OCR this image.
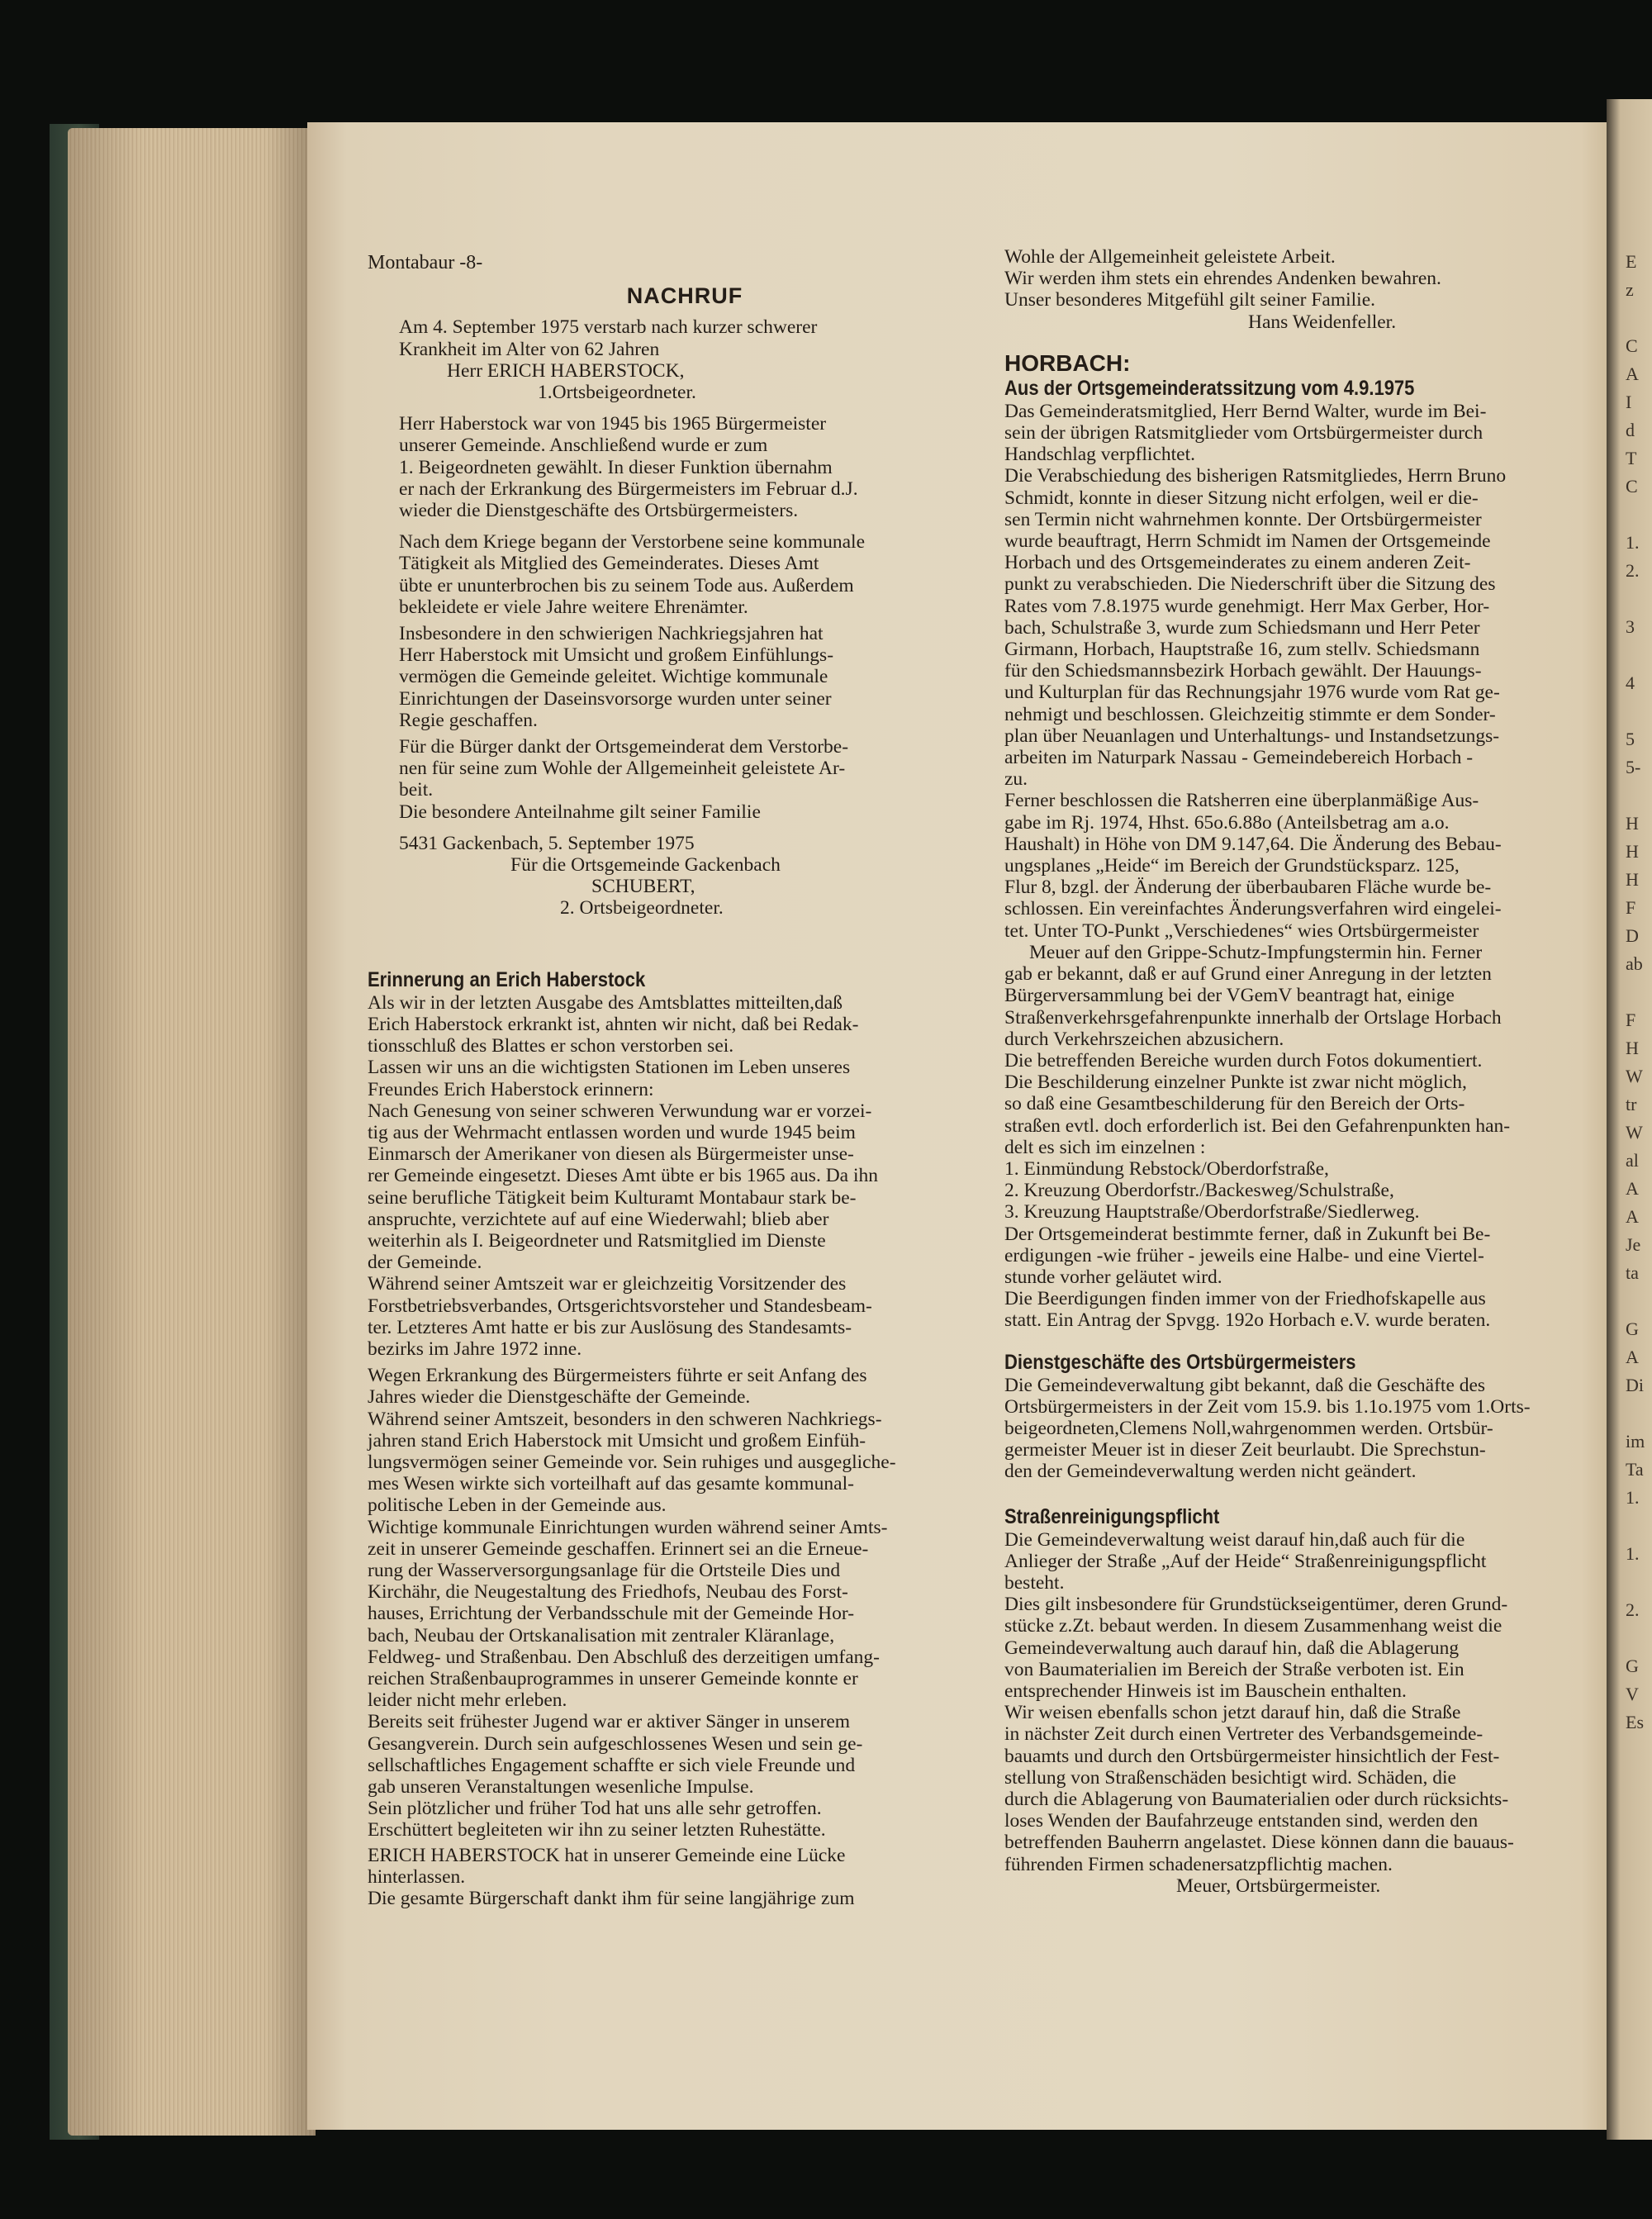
E
z

C
A
I
d
T
C

1.
2.

3

4

5
5-

H
H
H
F
D
ab

F
H
W
tr
W
al
A
A
Je
ta

G
A
Di

im
Ta
1.

1.

2.

G
V
Es
Montabaur -8-
NACHRUF
Am 4. September 1975 verstarb nach kurzer schwerer
Krankheit im Alter von 62 Jahren
Herr ERICH HABERSTOCK,
1.Ortsbeigeordneter.
Herr Haberstock war von 1945 bis 1965 Bürgermeister
unserer Gemeinde. Anschließend wurde er zum
1. Beigeordneten gewählt. In dieser Funktion übernahm
er nach der Erkrankung des Bürgermeisters im Februar d.J.
wieder die Dienstgeschäfte des Ortsbürgermeisters.
Nach dem Kriege begann der Verstorbene seine kommunale
Tätigkeit als Mitglied des Gemeinderates. Dieses Amt
übte er ununterbrochen bis zu seinem Tode aus. Außerdem
bekleidete er viele Jahre weitere Ehrenämter.
Insbesondere in den schwierigen Nachkriegsjahren hat
Herr Haberstock mit Umsicht und großem Einfühlungs-
vermögen die Gemeinde geleitet. Wichtige kommunale
Einrichtungen der Daseinsvorsorge wurden unter seiner
Regie geschaffen.
Für die Bürger dankt der Ortsgemeinderat dem Verstorbe-
nen für seine zum Wohle der Allgemeinheit geleistete Ar-
beit.
Die besondere Anteilnahme gilt seiner Familie
5431 Gackenbach, 5. September 1975
Für die Ortsgemeinde Gackenbach
SCHUBERT,
2. Ortsbeigeordneter.
Erinnerung an Erich Haberstock
Als wir in der letzten Ausgabe des Amtsblattes mitteilten,daß
Erich Haberstock erkrankt ist, ahnten wir nicht, daß bei Redak-
tionsschluß des Blattes er schon verstorben sei.
Lassen wir uns an die wichtigsten Stationen im Leben unseres
Freundes Erich Haberstock erinnern:
Nach Genesung von seiner schweren Verwundung war er vorzei-
tig aus der Wehrmacht entlassen worden und wurde 1945 beim
Einmarsch der Amerikaner von diesen als Bürgermeister unse-
rer Gemeinde eingesetzt. Dieses Amt übte er bis 1965 aus. Da ihn
seine berufliche Tätigkeit beim Kulturamt Montabaur stark be-
anspruchte, verzichtete auf auf eine Wiederwahl; blieb aber
weiterhin als I. Beigeordneter und Ratsmitglied im Dienste
der Gemeinde.
Während seiner Amtszeit war er gleichzeitig Vorsitzender des
Forstbetriebsverbandes, Ortsgerichtsvorsteher und Standesbeam-
ter. Letzteres Amt hatte er bis zur Auslösung des Standesamts-
bezirks im Jahre 1972 inne.
Wegen Erkrankung des Bürgermeisters führte er seit Anfang des
Jahres wieder die Dienstgeschäfte der Gemeinde.
Während seiner Amtszeit, besonders in den schweren Nachkriegs-
jahren stand Erich Haberstock mit Umsicht und großem Einfüh-
lungsvermögen seiner Gemeinde vor. Sein ruhiges und ausgegliche-
mes Wesen wirkte sich vorteilhaft auf das gesamte kommunal-
politische Leben in der Gemeinde aus.
Wichtige kommunale Einrichtungen wurden während seiner Amts-
zeit in unserer Gemeinde geschaffen. Erinnert sei an die Erneue-
rung der Wasserversorgungsanlage für die Ortsteile Dies und
Kirchähr, die Neugestaltung des Friedhofs, Neubau des Forst-
hauses, Errichtung der Verbandsschule mit der Gemeinde Hor-
bach, Neubau der Ortskanalisation mit zentraler Kläranlage,
Feldweg- und Straßenbau. Den Abschluß des derzeitigen umfang-
reichen Straßenbauprogrammes in unserer Gemeinde konnte er
leider nicht mehr erleben.
Bereits seit frühester Jugend war er aktiver Sänger in unserem
Gesangverein. Durch sein aufgeschlossenes Wesen und sein ge-
sellschaftliches Engagement schaffte er sich viele Freunde und
gab unseren Veranstaltungen wesenliche Impulse.
Sein plötzlicher und früher Tod hat uns alle sehr getroffen.
Erschüttert begleiteten wir ihn zu seiner letzten Ruhestätte.
ERICH HABERSTOCK hat in unserer Gemeinde eine Lücke
hinterlassen.
Die gesamte Bürgerschaft dankt ihm für seine langjährige zum
Wohle der Allgemeinheit geleistete Arbeit.
Wir werden ihm stets ein ehrendes Andenken bewahren.
Unser besonderes Mitgefühl gilt seiner Familie.
Hans Weidenfeller.
HORBACH:
Aus der Ortsgemeinderatssitzung vom 4.9.1975
Das Gemeinderatsmitglied, Herr Bernd Walter, wurde im Bei-
sein der übrigen Ratsmitglieder vom Ortsbürgermeister durch
Handschlag verpflichtet.
Die Verabschiedung des bisherigen Ratsmitgliedes, Herrn Bruno
Schmidt, konnte in dieser Sitzung nicht erfolgen, weil er die-
sen Termin nicht wahrnehmen konnte. Der Ortsbürgermeister
wurde beauftragt, Herrn Schmidt im Namen der Ortsgemeinde
Horbach und des Ortsgemeinderates zu einem anderen Zeit-
punkt zu verabschieden. Die Niederschrift über die Sitzung des
Rates vom 7.8.1975 wurde genehmigt. Herr Max Gerber, Hor-
bach, Schulstraße 3, wurde zum Schiedsmann und Herr Peter
Girmann, Horbach, Hauptstraße 16, zum stellv. Schiedsmann
für den Schiedsmannsbezirk Horbach gewählt. Der Hauungs-
und Kulturplan für das Rechnungsjahr 1976 wurde vom Rat ge-
nehmigt und beschlossen. Gleichzeitig stimmte er dem Sonder-
plan über Neuanlagen und Unterhaltungs- und Instandsetzungs-
arbeiten im Naturpark Nassau - Gemeindebereich Horbach -
zu.
Ferner beschlossen die Ratsherren eine überplanmäßige Aus-
gabe im Rj. 1974, Hhst. 65o.6.88o (Anteilsbetrag am a.o.
Haushalt) in Höhe von DM 9.147,64. Die Änderung des Bebau-
ungsplanes „Heide“ im Bereich der Grundstücksparz. 125,
Flur 8, bzgl. der Änderung der überbaubaren Fläche wurde be-
schlossen. Ein vereinfachtes Änderungsverfahren wird eingelei-
tet. Unter TO-Punkt „Verschiedenes“ wies Ortsbürgermeister
Meuer auf den Grippe-Schutz-Impfungstermin hin. Ferner
gab er bekannt, daß er auf Grund einer Anregung in der letzten
Bürgerversammlung bei der VGemV beantragt hat, einige
Straßenverkehrsgefahrenpunkte innerhalb der Ortslage Horbach
durch Verkehrszeichen abzusichern.
Die betreffenden Bereiche wurden durch Fotos dokumentiert.
Die Beschilderung einzelner Punkte ist zwar nicht möglich,
so daß eine Gesamtbeschilderung für den Bereich der Orts-
straßen evtl. doch erforderlich ist. Bei den Gefahrenpunkten han-
delt es sich im einzelnen :
1. Einmündung Rebstock/Oberdorfstraße,
2. Kreuzung Oberdorfstr./Backesweg/Schulstraße,
3. Kreuzung Hauptstraße/Oberdorfstraße/Siedlerweg.
Der Ortsgemeinderat bestimmte ferner, daß in Zukunft bei Be-
erdigungen -wie früher - jeweils eine Halbe- und eine Viertel-
stunde vorher geläutet wird.
Die Beerdigungen finden immer von der Friedhofskapelle aus
statt. Ein Antrag der Spvgg. 192o Horbach e.V. wurde beraten.
Dienstgeschäfte des Ortsbürgermeisters
Die Gemeindeverwaltung gibt bekannt, daß die Geschäfte des
Ortsbürgermeisters in der Zeit vom 15.9. bis 1.1o.1975 vom 1.Orts-
beigeordneten,Clemens Noll,wahrgenommen werden. Ortsbür-
germeister Meuer ist in dieser Zeit beurlaubt. Die Sprechstun-
den der Gemeindeverwaltung werden nicht geändert.
Straßenreinigungspflicht
Die Gemeindeverwaltung weist darauf hin,daß auch für die
Anlieger der Straße „Auf der Heide“ Straßenreinigungspflicht
besteht.
Dies gilt insbesondere für Grundstückseigentümer, deren Grund-
stücke z.Zt. bebaut werden. In diesem Zusammenhang weist die
Gemeindeverwaltung auch darauf hin, daß die Ablagerung
von Baumaterialien im Bereich der Straße verboten ist. Ein
entsprechender Hinweis ist im Bauschein enthalten.
Wir weisen ebenfalls schon jetzt darauf hin, daß die Straße
in nächster Zeit durch einen Vertreter des Verbandsgemeinde-
bauamts und durch den Ortsbürgermeister hinsichtlich der Fest-
stellung von Straßenschäden besichtigt wird. Schäden, die
durch die Ablagerung von Baumaterialien oder durch rücksichts-
loses Wenden der Baufahrzeuge entstanden sind, werden den
betreffenden Bauherrn angelastet. Diese können dann die bauaus-
führenden Firmen schadenersatzpflichtig machen.
Meuer, Ortsbürgermeister.
